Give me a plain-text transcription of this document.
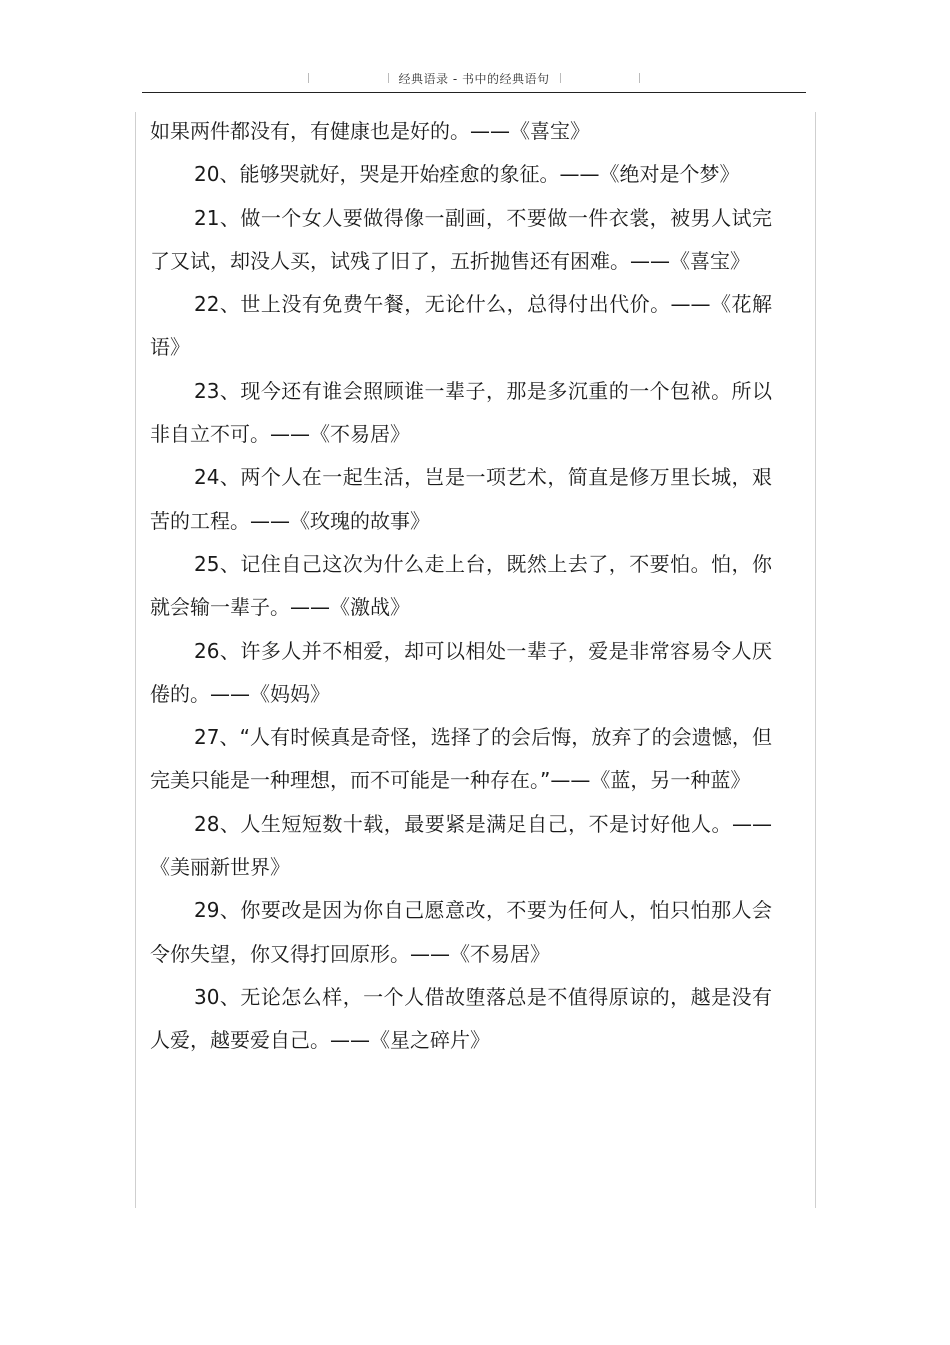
经典语录 - 书中的经典语句

如果两件都没有，有健康也是好的。——《喜宝》

20、能够哭就好，哭是开始痊愈的象征。——《绝对是个梦》

21、做一个女人要做得像一副画，不要做一件衣裳，被男人试完了又试，却没人买，试残了旧了，五折抛售还有困难。——《喜宝》

22、世上没有免费午餐，无论什么，总得付出代价。——《花解语》

23、现今还有谁会照顾谁一辈子，那是多沉重的一个包袱。所以非自立不可。——《不易居》

24、两个人在一起生活，岂是一项艺术，简直是修万里长城，艰苦的工程。——《玫瑰的故事》

25、记住自己这次为什么走上台，既然上去了，不要怕。怕，你就会输一辈子。——《激战》

26、许多人并不相爱，却可以相处一辈子，爱是非常容易令人厌倦的。——《妈妈》

27、“人有时候真是奇怪，选择了的会后悔，放弃了的会遗憾，但完美只能是一种理想，而不可能是一种存在。”——《蓝，另一种蓝》

28、人生短短数十载，最要紧是满足自己，不是讨好他人。——《美丽新世界》

29、你要改是因为你自己愿意改，不要为任何人，怕只怕那人会令你失望，你又得打回原形。——《不易居》

30、无论怎么样，一个人借故堕落总是不值得原谅的，越是没有人爱，越要爱自己。——《星之碎片》
